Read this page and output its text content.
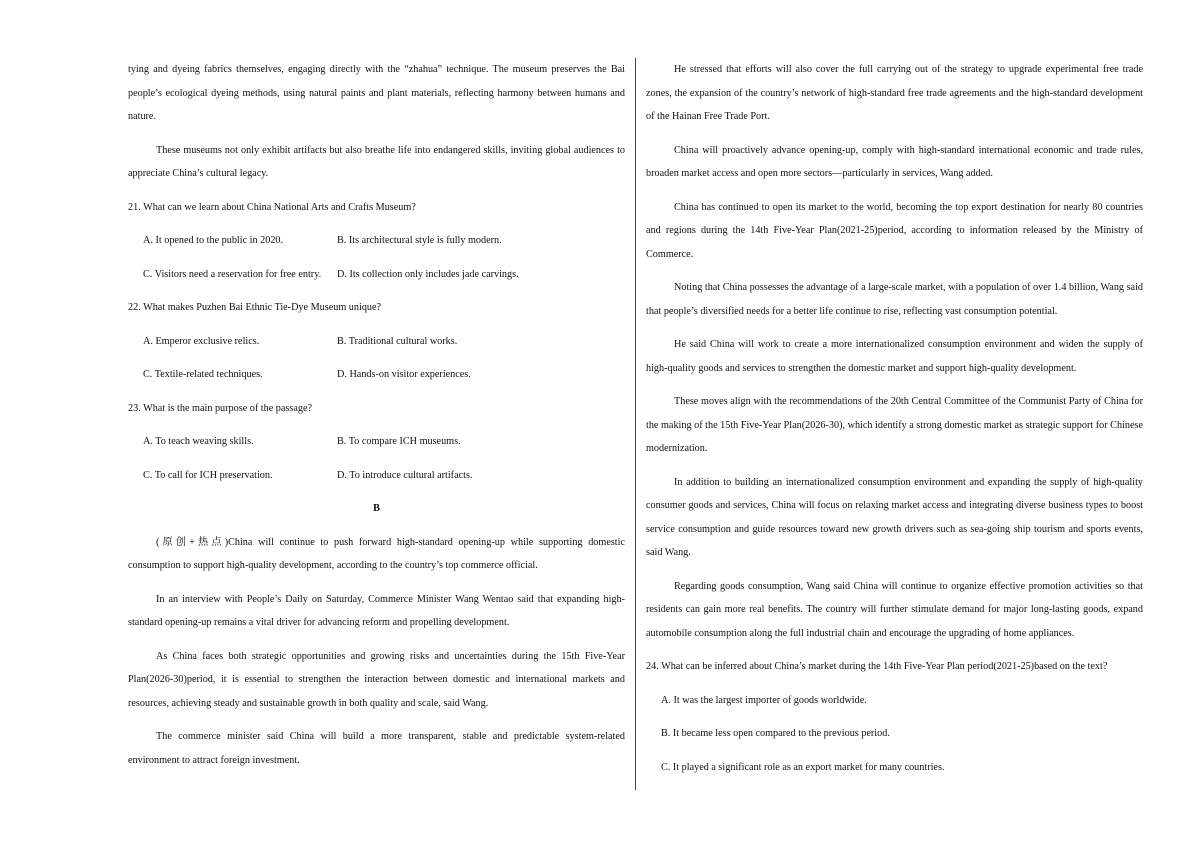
tying and dyeing fabrics themselves, engaging directly with the “zhahua” technique. The museum preserves the Bai people’s ecological dyeing methods, using natural paints and plant materials, reflecting harmony between humans and nature.

These museums not only exhibit artifacts but also breathe life into endangered skills, inviting global audiences to appreciate China’s cultural legacy.

21. What can we learn about China National Arts and Crafts Museum?

A. It opened to the public in 2020.	B. Its architectural style is fully modern.
C. Visitors need a reservation for free entry.	D. Its collection only includes jade carvings.

22. What makes Puzhen Bai Ethnic Tie-Dye Museum unique?

A. Emperor exclusive relics.	B. Traditional cultural works.
C. Textile-related techniques.	D. Hands-on visitor experiences.

23. What is the main purpose of the passage?

A. To teach weaving skills.	B. To compare ICH museums.
C. To call for ICH preservation.	D. To introduce cultural artifacts.

B

(原创+热点)China will continue to push forward high-standard opening-up while supporting domestic consumption to support high-quality development, according to the country’s top commerce official.

In an interview with People’s Daily on Saturday, Commerce Minister Wang Wentao said that expanding high-standard opening-up remains a vital driver for advancing reform and propelling development.

As China faces both strategic opportunities and growing risks and uncertainties during the 15th Five-Year Plan(2026-30)period, it is essential to strengthen the interaction between domestic and international markets and resources, achieving steady and sustainable growth in both quality and scale, said Wang.

The commerce minister said China will build a more transparent, stable and predictable system-related environment to attract foreign investment.

He stressed that efforts will also cover the full carrying out of the strategy to upgrade experimental free trade zones, the expansion of the country’s network of high-standard free trade agreements and the high-standard development of the Hainan Free Trade Port.

China will proactively advance opening-up, comply with high-standard international economic and trade rules, broaden market access and open more sectors—particularly in services, Wang added.

China has continued to open its market to the world, becoming the top export destination for nearly 80 countries and regions during the 14th Five-Year Plan(2021-25)period, according to information released by the Ministry of Commerce.

Noting that China possesses the advantage of a large-scale market, with a population of over 1.4 billion, Wang said that people’s diversified needs for a better life continue to rise, reflecting vast consumption potential.

He said China will work to create a more internationalized consumption environment and widen the supply of high-quality goods and services to strengthen the domestic market and support high-quality development.

These moves align with the recommendations of the 20th Central Committee of the Communist Party of China for the making of the 15th Five-Year Plan(2026-30), which identify a strong domestic market as strategic support for Chinese modernization.

In addition to building an internationalized consumption environment and expanding the supply of high-quality consumer goods and services, China will focus on relaxing market access and integrating diverse business types to boost service consumption and guide resources toward new growth drivers such as sea-going ship tourism and sports events, said Wang.

Regarding goods consumption, Wang said China will continue to organize effective promotion activities so that residents can gain more real benefits. The country will further stimulate demand for major long-lasting goods, expand automobile consumption along the full industrial chain and encourage the upgrading of home appliances.

24. What can be inferred about China’s market during the 14th Five-Year Plan period(2021-25)based on the text?

A. It was the largest importer of goods worldwide.

B. It became less open compared to the previous period.

C. It played a significant role as an export market for many countries.
